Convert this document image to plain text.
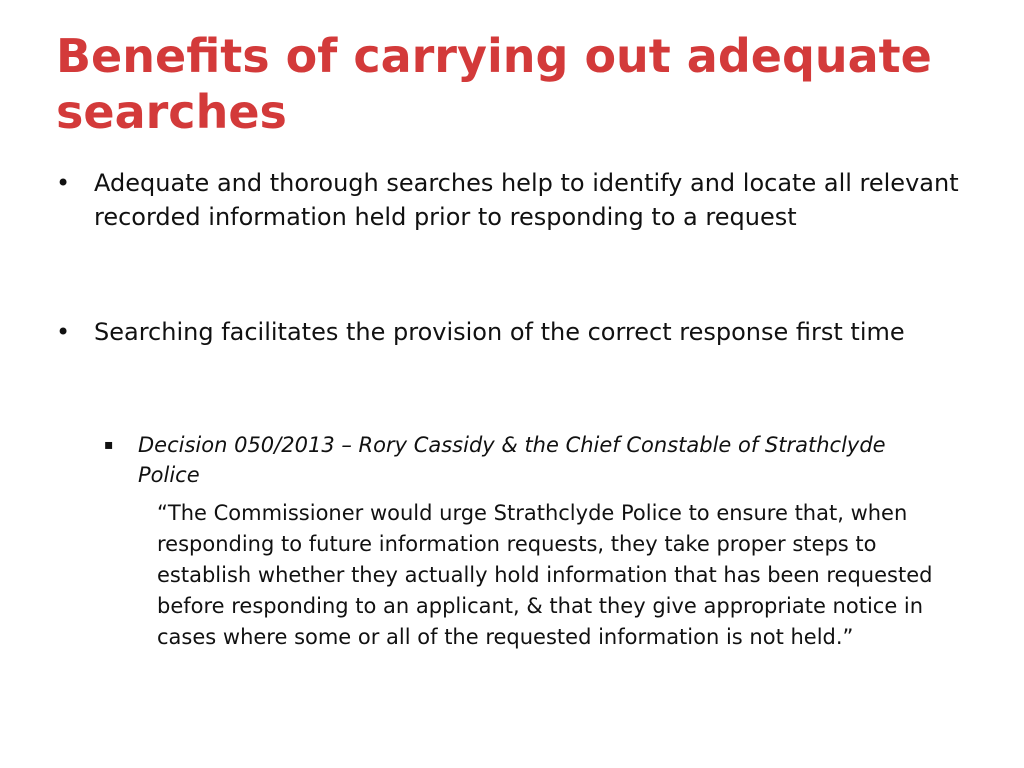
Benefits of carrying out adequate searches
• Adequate and thorough searches help to identify and locate all relevant recorded information held prior to responding to a request
• Searching facilitates the provision of the correct response first time
▪	Decision 050/2013 – Rory Cassidy & the Chief Constable of Strathclyde Police
“The Commissioner would urge Strathclyde Police to ensure that, when responding to future information requests, they take proper steps to establish whether they actually hold information that has been requested before responding to an applicant, & that they give appropriate notice in cases where some or all of the requested information is not held.”
